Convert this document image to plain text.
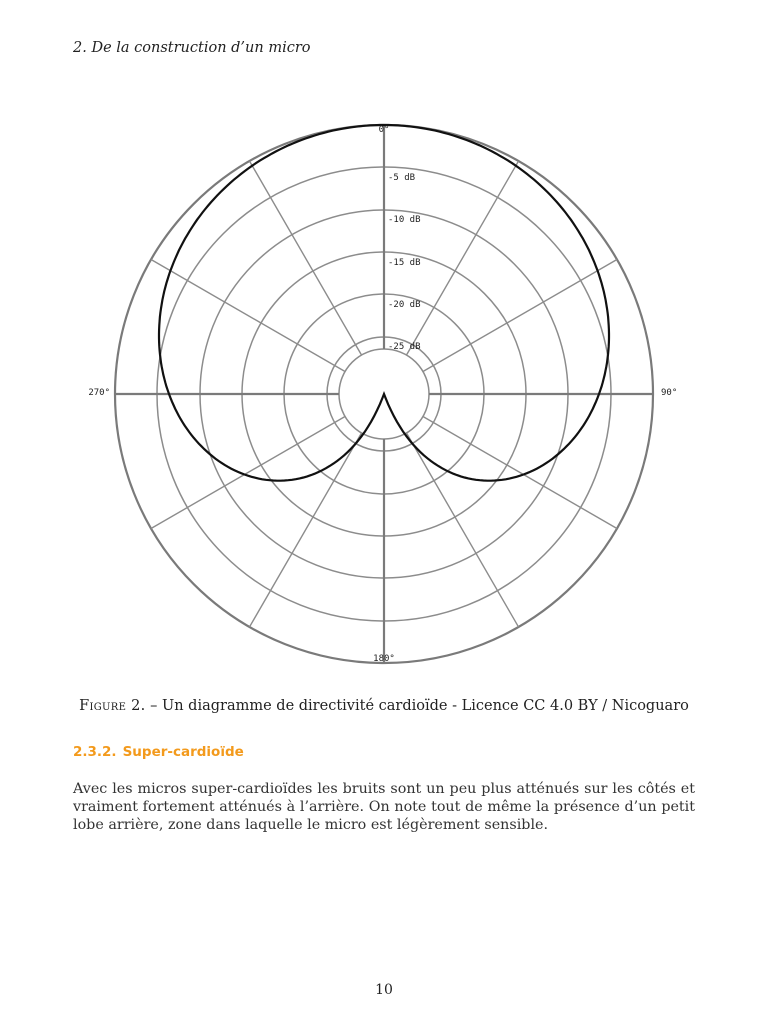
2. De la construction d’un micro
0°
90°
180°
270°
-5 dB
-10 dB
-15 dB
-20 dB
-25 dB
Figure 2. – Un diagramme de directivité cardioïde - Licence CC 4.0 BY / Nicoguaro
2.3.2. Super-cardioïde
Avec les micros super-cardioïdes les bruits sont un peu plus atténués sur les côtés et vraiment fortement atténués à l’arrière. On note tout de même la présence d’un petit lobe arrière, zone dans laquelle le micro est légèrement sensible.
10
